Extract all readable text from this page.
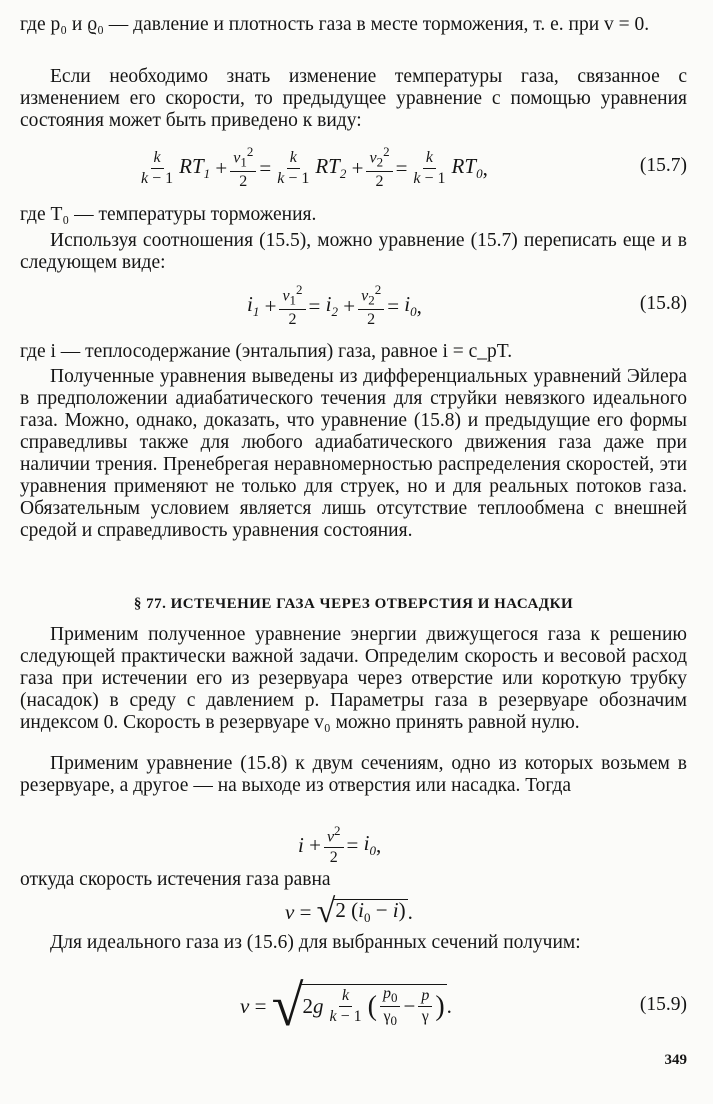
где p₀ и ϱ₀ — давление и плотность газа в месте торможения, т. е. при v = 0.

Если необходимо знать изменение температуры газа, связанное с изменением его скорости, то предыдущее уравнение с помощью уравнения состояния может быть приведено к виду:

$\frac{k}{k - 1} RT_1 + \frac{v_1^2}{2} = \frac{k}{k - 1} RT_2 + \frac{v_2^2}{2} = \frac{k}{k - 1} RT_0$ ,	(15.7)

где T₀ — температуры торможения.

Используя соотношения (15.5), можно уравнение (15.7) переписать еще и в следующем виде:

$i_1 + \frac{v_1^2}{2} = i_2 + \frac{v_2^2}{2} = i_0$ ,	(15.8)

где i — теплосодержание (энтальпия) газа, равное i = c_pT.

Полученные уравнения выведены из дифференциальных уравнений Эйлера в предположении адиабатического течения для струйки невязкого идеального газа. Можно, однако, доказать, что уравнение (15.8) и предыдущие его формы справедливы также для любого адиабатического движения газа даже при наличии трения. Пренебрегая неравномерностью распределения скоростей, эти уравнения применяют не только для струек, но и для реальных потоков газа. Обязательным условием является лишь отсутствие теплообмена с внешней средой и справедливость уравнения состояния.

§ 77. ИСТЕЧЕНИЕ ГАЗА ЧЕРЕЗ ОТВЕРСТИЯ И НАСАДКИ

Применим полученное уравнение энергии движущегося газа к решению следующей практически важной задачи. Определим скорость и весовой расход газа при истечении его из резервуара через отверстие или короткую трубку (насадок) в среду с давлением p. Параметры газа в резервуаре обозначим индексом 0. Скорость в резервуаре v₀ можно принять равной нулю.

Применим уравнение (15.8) к двум сечениям, одно из которых возьмем в резервуаре, а другое — на выходе из отверстия или насадка. Тогда

$i + \frac{v^2}{2} = i_0$ ,

откуда скорость истечения газа равна

v = √ 2 $(i_0 - i)$ .

Для идеального газа из (15.6) для выбранных сечений получим:

v = √ 2 g $\frac{k}{k - 1}$ ( $\frac{p_0}{\gamma_0} - \frac{p}{\gamma}$ ) .	(15.9)
349
